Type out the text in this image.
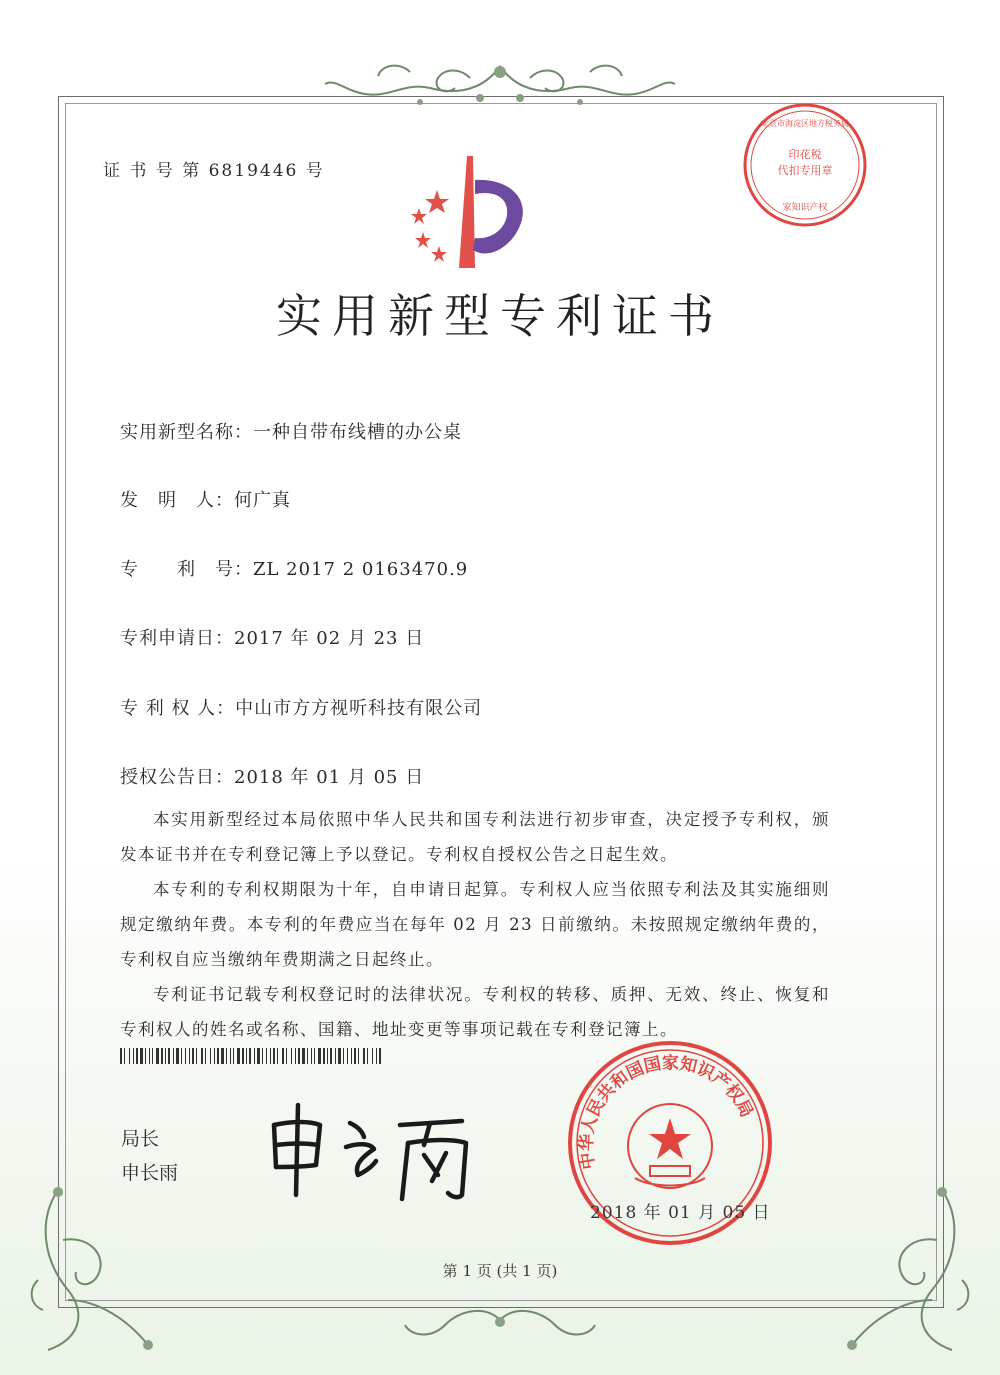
证 书 号 第 6819446 号
印花税
代扣专用章
家知识产权
北京市海淀区地方税务局
实用新型专利证书
实用新型名称：一种自带布线槽的办公桌
发　明　人：何广真
专　　利　号：ZL 2017 2 0163470.9
专利申请日：2017 年 02 月 23 日
专 利 权 人：中山市方方视听科技有限公司
授权公告日：2018 年 01 月 05 日

本实用新型经过本局依照中华人民共和国专利法进行初步审查，决定授予专利权，颁发本证书并在专利登记簿上予以登记。专利权自授权公告之日起生效。

本专利的专利权期限为十年，自申请日起算。专利权人应当依照专利法及其实施细则规定缴纳年费。本专利的年费应当在每年 02 月 23 日前缴纳。未按照规定缴纳年费的，专利权自应当缴纳年费期满之日起终止。

专利证书记载专利权登记时的法律状况。专利权的转移、质押、无效、终止、恢复和专利权人的姓名或名称、国籍、地址变更等事项记载在专利登记簿上。

局长
申长雨
中华人民共和国国家知识产权局
2018 年 01 月 05 日
第 1 页 (共 1 页)
